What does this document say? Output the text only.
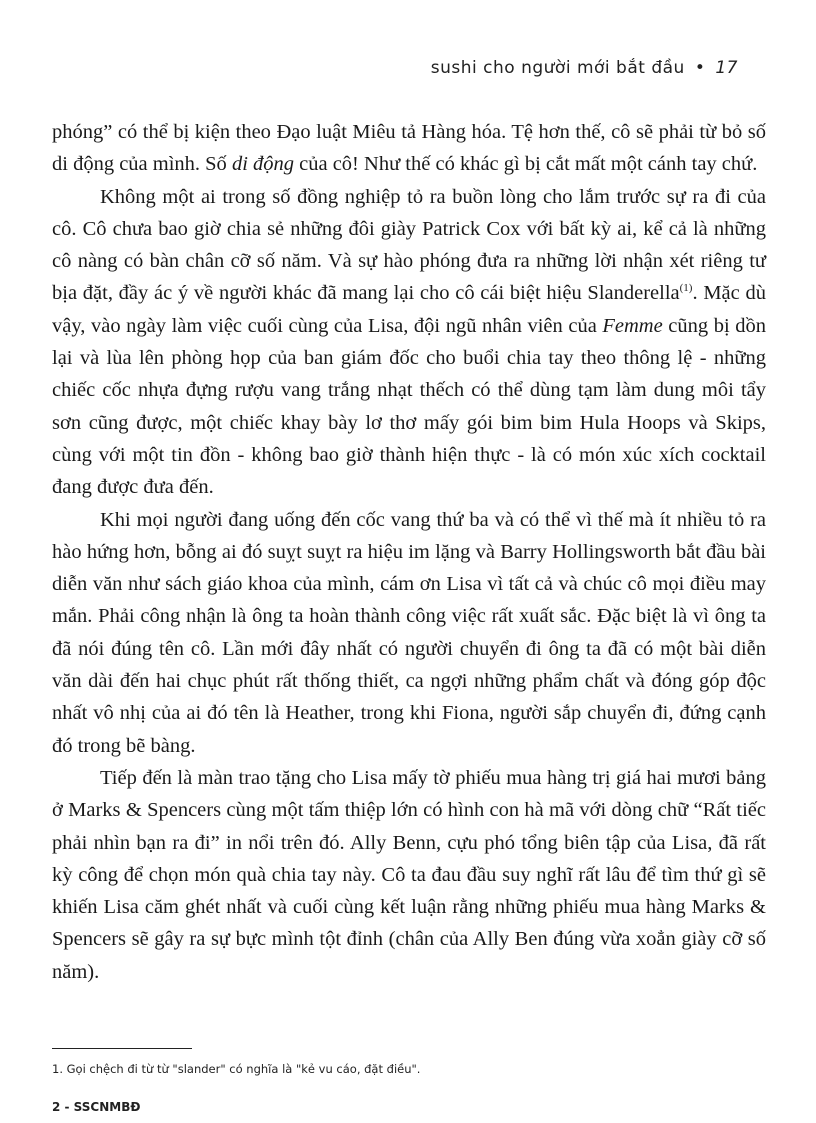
sushi cho người mới bắt đầu • 17

phóng” có thể bị kiện theo Đạo luật Miêu tả Hàng hóa. Tệ hơn thế, cô sẽ phải từ bỏ số di động của mình. Số di động của cô! Như thế có khác gì bị cắt mất một cánh tay chứ.

Không một ai trong số đồng nghiệp tỏ ra buồn lòng cho lắm trước sự ra đi của cô. Cô chưa bao giờ chia sẻ những đôi giày Patrick Cox với bất kỳ ai, kể cả là những cô nàng có bàn chân cỡ số năm. Và sự hào phóng đưa ra những lời nhận xét riêng tư bịa đặt, đầy ác ý về người khác đã mang lại cho cô cái biệt hiệu Slanderella$^{(1)}$. Mặc dù vậy, vào ngày làm việc cuối cùng của Lisa, đội ngũ nhân viên của Femme cũng bị dồn lại và lùa lên phòng họp của ban giám đốc cho buổi chia tay theo thông lệ - những chiếc cốc nhựa đựng rượu vang trắng nhạt thếch có thể dùng tạm làm dung môi tẩy sơn cũng được, một chiếc khay bày lơ thơ mấy gói bim bim Hula Hoops và Skips, cùng với một tin đồn - không bao giờ thành hiện thực - là có món xúc xích cocktail đang được đưa đến.

Khi mọi người đang uống đến cốc vang thứ ba và có thể vì thế mà ít nhiều tỏ ra hào hứng hơn, bỗng ai đó suỵt suỵt ra hiệu im lặng và Barry Hollingsworth bắt đầu bài diễn văn như sách giáo khoa của mình, cám ơn Lisa vì tất cả và chúc cô mọi điều may mắn. Phải công nhận là ông ta hoàn thành công việc rất xuất sắc. Đặc biệt là vì ông ta đã nói đúng tên cô. Lần mới đây nhất có người chuyển đi ông ta đã có một bài diễn văn dài đến hai chục phút rất thống thiết, ca ngợi những phẩm chất và đóng góp độc nhất vô nhị của ai đó tên là Heather, trong khi Fiona, người sắp chuyển đi, đứng cạnh đó trong bẽ bàng.

Tiếp đến là màn trao tặng cho Lisa mấy tờ phiếu mua hàng trị giá hai mươi bảng ở Marks & Spencers cùng một tấm thiệp lớn có hình con hà mã với dòng chữ “Rất tiếc phải nhìn bạn ra đi” in nổi trên đó. Ally Benn, cựu phó tổng biên tập của Lisa, đã rất kỳ công để chọn món quà chia tay này. Cô ta đau đầu suy nghĩ rất lâu để tìm thứ gì sẽ khiến Lisa căm ghét nhất và cuối cùng kết luận rằng những phiếu mua hàng Marks & Spencers sẽ gây ra sự bực mình tột đỉnh (chân của Ally Ben đúng vừa xoẳn giày cỡ số năm).

1. Gọi chệch đi từ từ "slander" có nghĩa là "kẻ vu cáo, đặt điều".
2 - SSCNMBĐ
